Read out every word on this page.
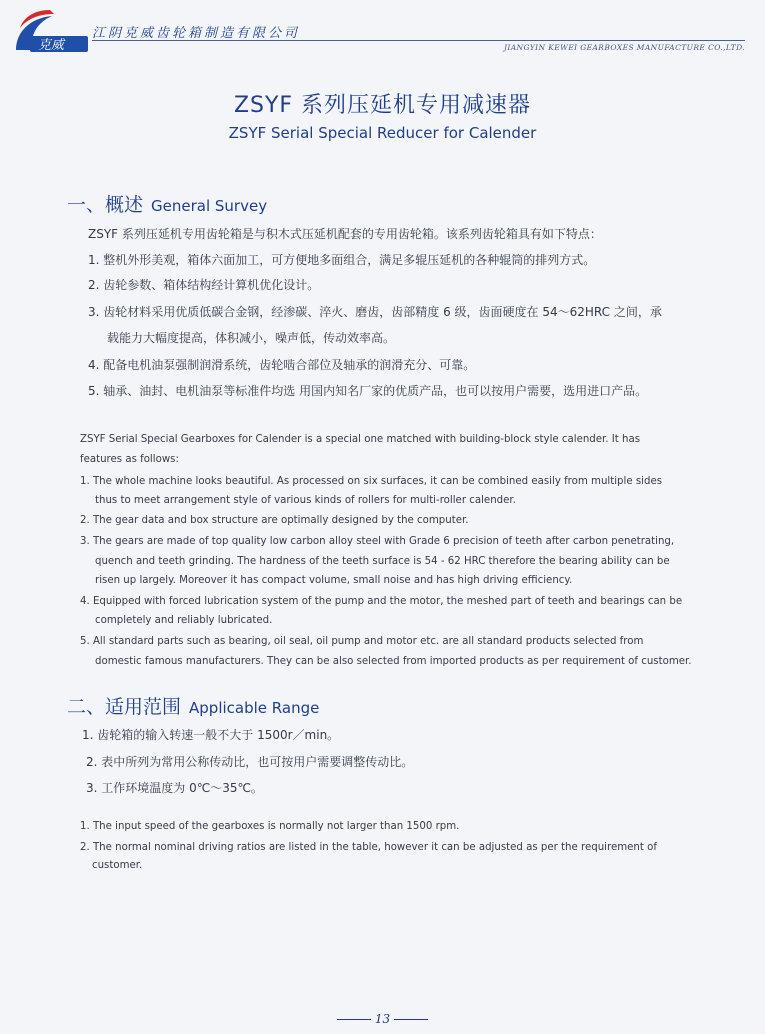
克威
江阴克威齿轮箱制造有限公司
JIANGYIN KEWEI GEARBOXES MANUFACTURE CO.,LTD.
ZSYF 系列压延机专用减速器
ZSYF Serial Special Reducer for Calender
一、概述 General Survey
ZSYF 系列压延机专用齿轮箱是与积木式压延机配套的专用齿轮箱。该系列齿轮箱具有如下特点：
1. 整机外形美观，箱体六面加工，可方便地多面组合，满足多辊压延机的各种辊筒的排列方式。
2. 齿轮参数、箱体结构经计算机优化设计。
3. 齿轮材料采用优质低碳合金钢，经渗碳、淬火、磨齿，齿部精度 6 级，齿面硬度在 54～62HRC 之间，承
载能力大幅度提高，体积减小，噪声低，传动效率高。
4. 配备电机油泵强制润滑系统，齿轮啮合部位及轴承的润滑充分、可靠。
5. 轴承、油封、电机油泵等标准件均选 用国内知名厂家的优质产品，也可以按用户需要，选用进口产品。
ZSYF Serial Special Gearboxes for Calender is a special one matched with building-block style calender. It has
features as follows:
1. The whole machine looks beautiful. As processed on six surfaces, it can be combined easily from multiple sides
thus to meet arrangement style of various kinds of rollers for multi-roller calender.
2. The gear data and box structure are optimally designed by the computer.
3. The gears are made of top quality low carbon alloy steel with Grade 6 precision of teeth after carbon penetrating,
quench and teeth grinding. The hardness of the teeth surface is 54 - 62 HRC therefore the bearing ability can be
risen up largely. Moreover it has compact volume, small noise and has high driving efficiency.
4. Equipped with forced lubrication system of the pump and the motor, the meshed part of teeth and bearings can be
completely and reliably lubricated.
5. All standard parts such as bearing, oil seal, oil pump and motor etc. are all standard products selected from
domestic famous manufacturers. They can be also selected from imported products as per requirement of customer.
二、适用范围 Applicable Range
1. 齿轮箱的输入转速一般不大于 1500r／min。
2. 表中所列为常用公称传动比，也可按用户需要调整传动比。
3. 工作环境温度为 0℃～35℃。
1. The input speed of the gearboxes is normally not larger than 1500 rpm.
2. The normal nominal driving ratios are listed in the table, however it can be adjusted as per the requirement of
customer.
13
